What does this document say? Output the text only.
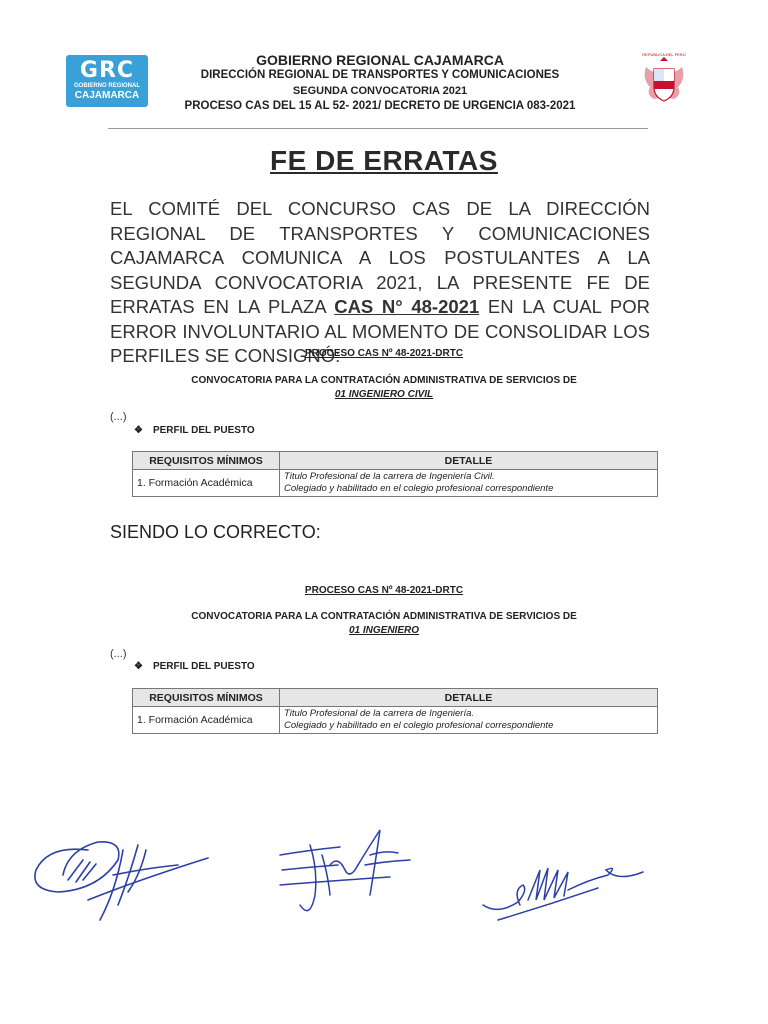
GRC
GOBIERNO REGIONAL
CAJAMARCA
GOBIERNO REGIONAL CAJAMARCA
DIRECCIÓN REGIONAL DE TRANSPORTES Y COMUNICACIONES
SEGUNDA CONVOCATORIA 2021
PROCESO CAS DEL 15 AL 52- 2021/ DECRETO DE URGENCIA 083-2021
REPÚBLICA DEL PERÚ
FE DE ERRATAS
EL COMITÉ DEL CONCURSO CAS DE LA DIRECCIÓN REGIONAL DE TRANSPORTES Y COMUNICACIONES CAJAMARCA COMUNICA A LOS POSTULANTES A LA SEGUNDA CONVOCATORIA 2021, LA PRESENTE FE DE ERRATAS EN LA PLAZA CAS N° 48-2021 EN LA CUAL POR ERROR INVOLUNTARIO AL MOMENTO DE CONSOLIDAR LOS PERFILES SE CONSIGNÓ:
PROCESO CAS Nº 48-2021-DRTC
CONVOCATORIA PARA LA CONTRATACIÓN ADMINISTRATIVA DE SERVICIOS DE
01 INGENIERO CIVIL
(...)
❖ PERFIL DEL PUESTO
REQUISITOS MÍNIMOS	DETALLE
1. Formación Académica	Titulo Profesional de la carrera de Ingeniería Civil.
Colegiado y habilitado en el colegio profesional correspondiente
SIENDO LO CORRECTO:
PROCESO CAS Nº 48-2021-DRTC
CONVOCATORIA PARA LA CONTRATACIÓN ADMINISTRATIVA DE SERVICIOS DE
01 INGENIERO
(...)
❖ PERFIL DEL PUESTO
REQUISITOS MÍNIMOS	DETALLE
1. Formación Académica	Titulo Profesional de la carrera de Ingeniería.
Colegiado y habilitado en el colegio profesional correspondiente
